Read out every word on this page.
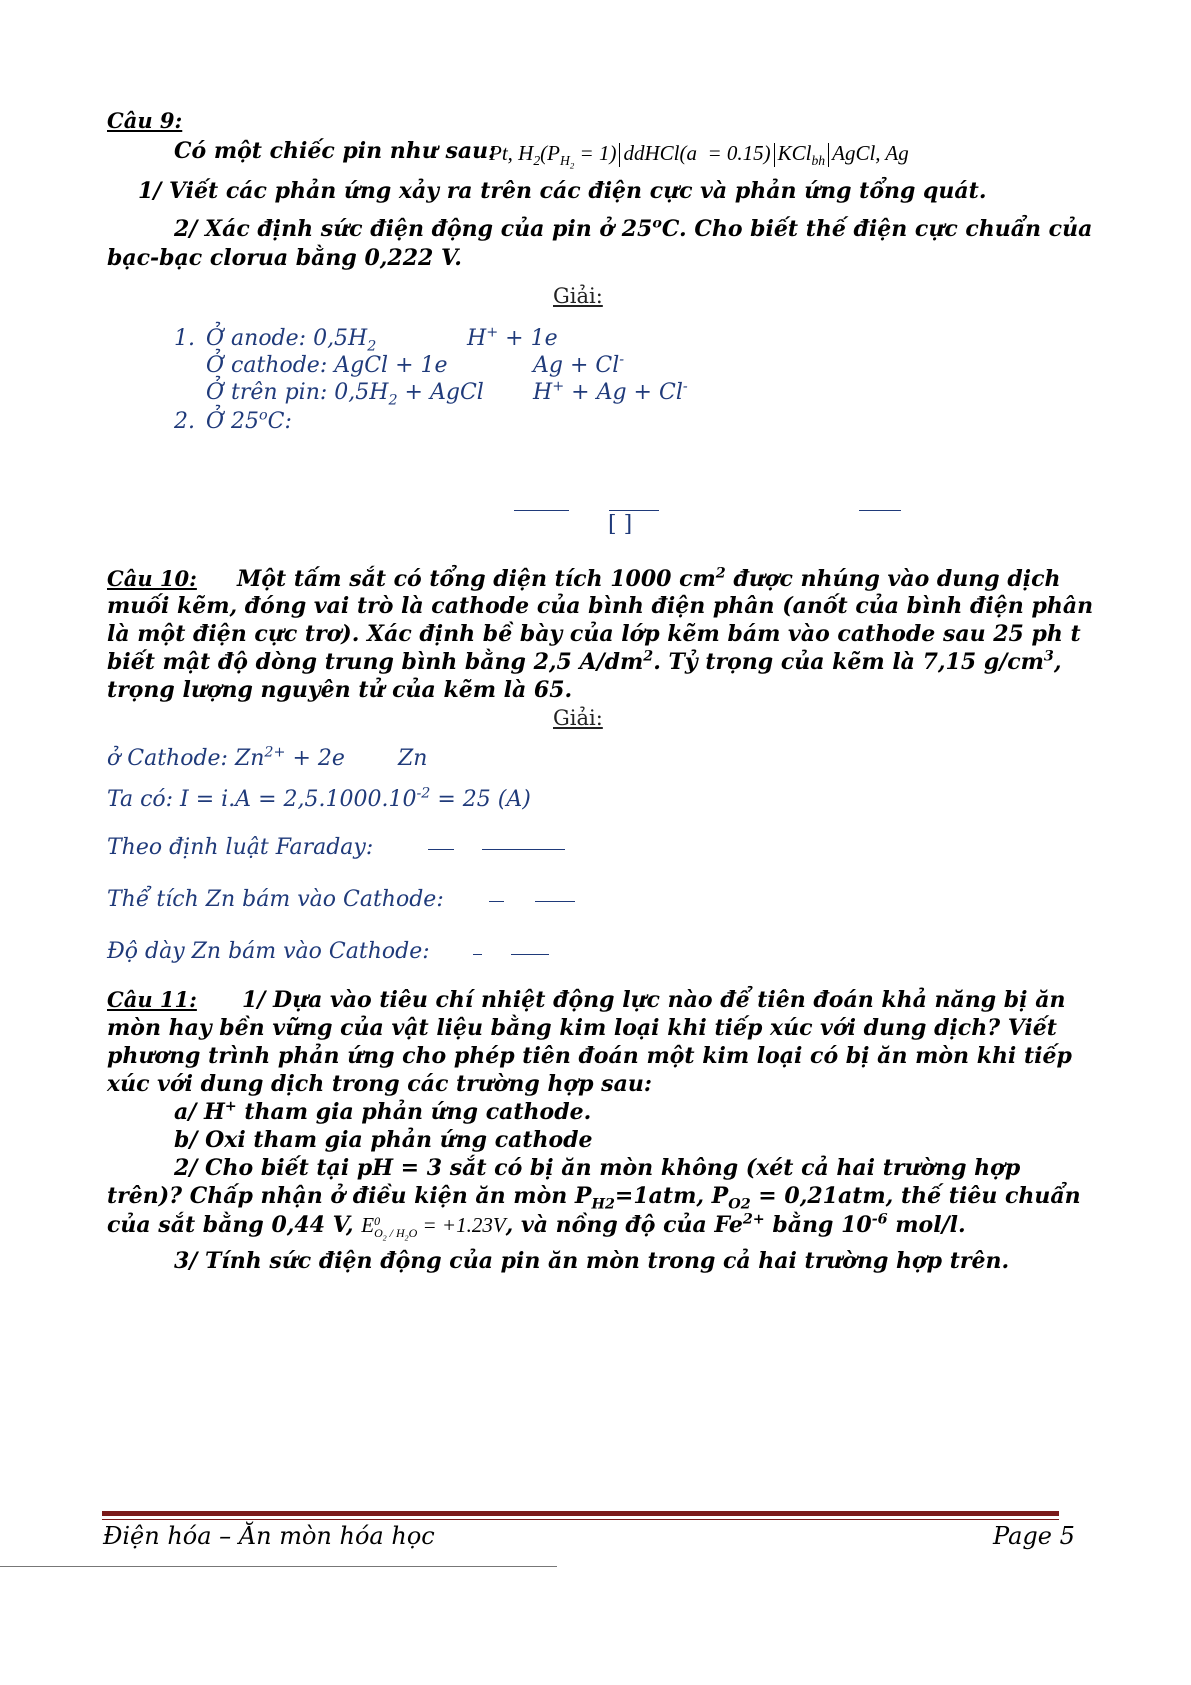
Câu 9:
Có một chiếc pin như sau:
Pt, $H_2(P_{H_2} = 1)$ ddHCl(a = 0.15) KCl$_{bh}$ AgCl, Ag
1/ Viết các phản ứng xảy ra trên các điện cực và phản ứng tổng quát.
2/ Xác định sức điện động của pin ở 25$^o$C. Cho biết thế điện cực chuẩn của
bạc-bạc clorua bằng 0,222 V.
Giải:
1. Ở anode: $0,5H_2$	H+ + 1e
Ở cathode: AgCl + 1e	Ag + Cl-
Ở trên pin: $0,5H_2$ + AgCl H+ + Ag + Cl-
2. Ở 25$^o$C:
[ ]
Câu 10: Một tấm sắt có tổng diện tích 1000 $cm^2$ được nhúng vào dung dịch
muối kẽm, đóng vai trò là cathode của bình điện phân (anốt của bình điện phân
là một điện cực trơ). Xác định bề bày của lớp kẽm bám vào cathode sau 25 ph t
biết mật độ dòng trung bình bằng 2,5 $A/dm^2$. Tỷ trọng của kẽm là 7,15 $g/cm^3$,
trọng lượng nguyên tử của kẽm là 65.
Giải:
ở Cathode: $Zn^{2+} + 2e$ Zn
Ta có: $I = i.A = 2,5.1000.10^{-2} = 25$ (A)
Theo định luật Faraday:
Thể tích Zn bám vào Cathode:
Độ dày Zn bám vào Cathode:
Câu 11: 1/ Dựa vào tiêu chí nhiệt động lực nào để tiên đoán khả năng bị ăn
mòn hay bền vững của vật liệu bằng kim loại khi tiếp xúc với dung dịch? Viết
phương trình phản ứng cho phép tiên đoán một kim loại có bị ăn mòn khi tiếp
xúc với dung dịch trong các trường hợp sau:
a/ H+ tham gia phản ứng cathode.
b/ Oxi tham gia phản ứng cathode
2/ Cho biết tại pH = 3 sắt có bị ăn mòn không (xét cả hai trường hợp
trên)? Chấp nhận ở điều kiện ăn mòn $P_{H2}=1atm$, $P_{O2} = 0,21atm$, thế tiêu chuẩn
của sắt bằng 0,44 V, E 0
$O_2 / H_2O = +1.23V$, và nồng độ của $Fe^{2+}$ bằng $10^{-6}$ mol/l.
3/ Tính sức điện động của pin ăn mòn trong cả hai trường hợp trên.
Điện hóa – Ăn mòn hóa học	Page 5
